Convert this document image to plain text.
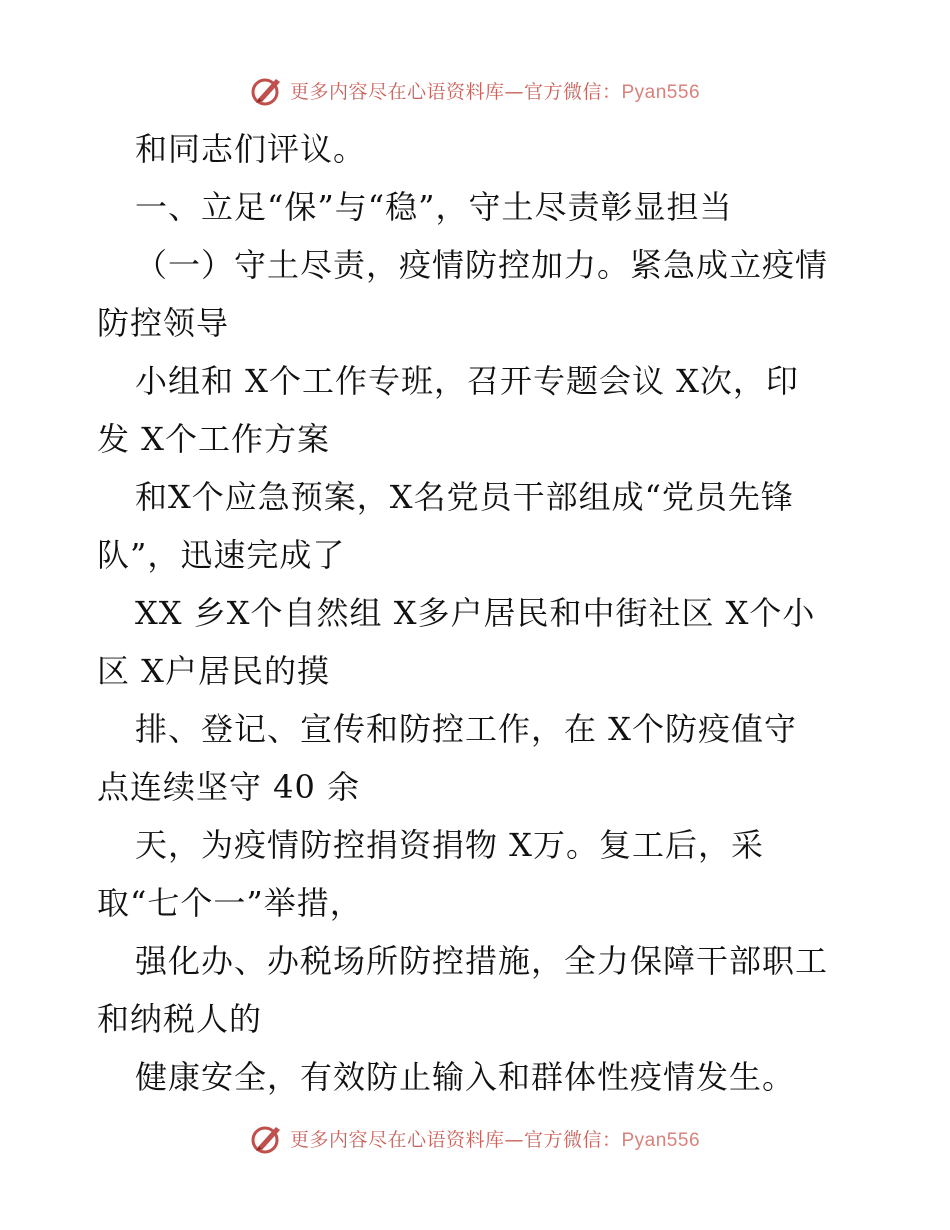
更多内容尽在心语资料库—官方微信：Pyan556
和同志们评议。
一、立足“保”与“稳”，守土尽责彰显担当
（一）守土尽责，疫情防控加力。紧急成立疫情
防控领导
小组和 X个工作专班，召开专题会议 X次，印
发 X个工作方案
和X个应急预案，X名党员干部组成“党员先锋
队”，迅速完成了
XX 乡X个自然组 X多户居民和中街社区 X个小
区 X户居民的摸
排、登记、宣传和防控工作，在 X个防疫值守
点连续坚守 40 余
天，为疫情防控捐资捐物 X万。复工后，采
取“七个一”举措，
强化办、办税场所防控措施，全力保障干部职工
和纳税人的
健康安全，有效防止输入和群体性疫情发生。
更多内容尽在心语资料库—官方微信：Pyan556
